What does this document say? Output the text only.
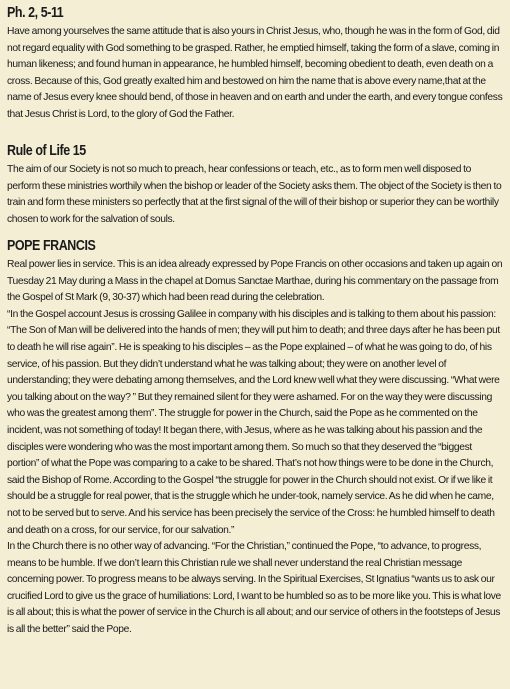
Ph. 2, 5-11

Have among yourselves the same attitude that is also yours in Christ Jesus, who, though he was in the form of God, did not regard equality with God something to be grasped. Rather, he emptied himself, taking the form of a slave, coming in human likeness; and found human in appearance, he humbled himself, becoming obedient to death, even death on a cross. Because of this, God greatly exalted him and bestowed on him the name that is above every name,that at the name of Jesus every knee should bend, of those in heaven and on earth and under the earth, and every tongue confess that Jesus Christ is Lord, to the glory of God the Father.

Rule of Life 15

The aim of our Society is not so much to preach, hear confessions or teach, etc., as to form men well disposed to perform these ministries worthily when the bishop or leader of the Society asks them. The object of the Society is then to train and form these ministers so perfectly that at the first signal of the will of their bishop or superior they can be worthily chosen to work for the salvation of souls.

POPE FRANCIS

Real power lies in service. This is an idea already expressed by Pope Francis on other occasions and taken up again on Tuesday 21 May during a Mass in the chapel at Domus Sanctae Marthae, during his commentary on the passage from the Gospel of St Mark (9, 30-37) which had been read during the celebration.

“In the Gospel account Jesus is crossing Galilee in company with his disciples and is talking to them about his passion: “The Son of Man will be delivered into the hands of men; they will put him to death; and three days after he has been put to death he will rise again”. He is speaking to his disciples – as the Pope explained – of what he was going to do, of his service, of his passion. But they didn’t understand what he was talking about; they were on another level of understanding; they were debating among themselves, and the Lord knew well what they were discussing. “What were you talking about on the way? ” But they remained silent for they were ashamed. For on the way they were discussing who was the greatest among them”. The struggle for power in the Church, said the Pope as he commented on the incident, was not something of today! It began there, with Jesus, where as he was talking about his passion and the disciples were wondering who was the most important among them. So much so that they deserved the “biggest portion” of what the Pope was comparing to a cake to be shared. That’s not how things were to be done in the Church, said the Bishop of Rome. According to the Gospel “the struggle for power in the Church should not exist. Or if we like it should be a struggle for real power, that is the struggle which he under-took, namely service. As he did when he came, not to be served but to serve. And his service has been precisely the service of the Cross: he humbled himself to death and death on a cross, for our service, for our salvation.”

In the Church there is no other way of advancing. “For the Christian,” continued the Pope, “to advance, to progress, means to be humble. If we don’t learn this Christian rule we shall never understand the real Christian message concerning power. To progress means to be always serving. In the Spiritual Exercises, St Ignatius “wants us to ask our crucified Lord to give us the grace of humiliations: Lord, I want to be humbled so as to be more like you. This is what love is all about; this is what the power of service in the Church is all about; and our service of others in the footsteps of Jesus is all the better” said the Pope.
